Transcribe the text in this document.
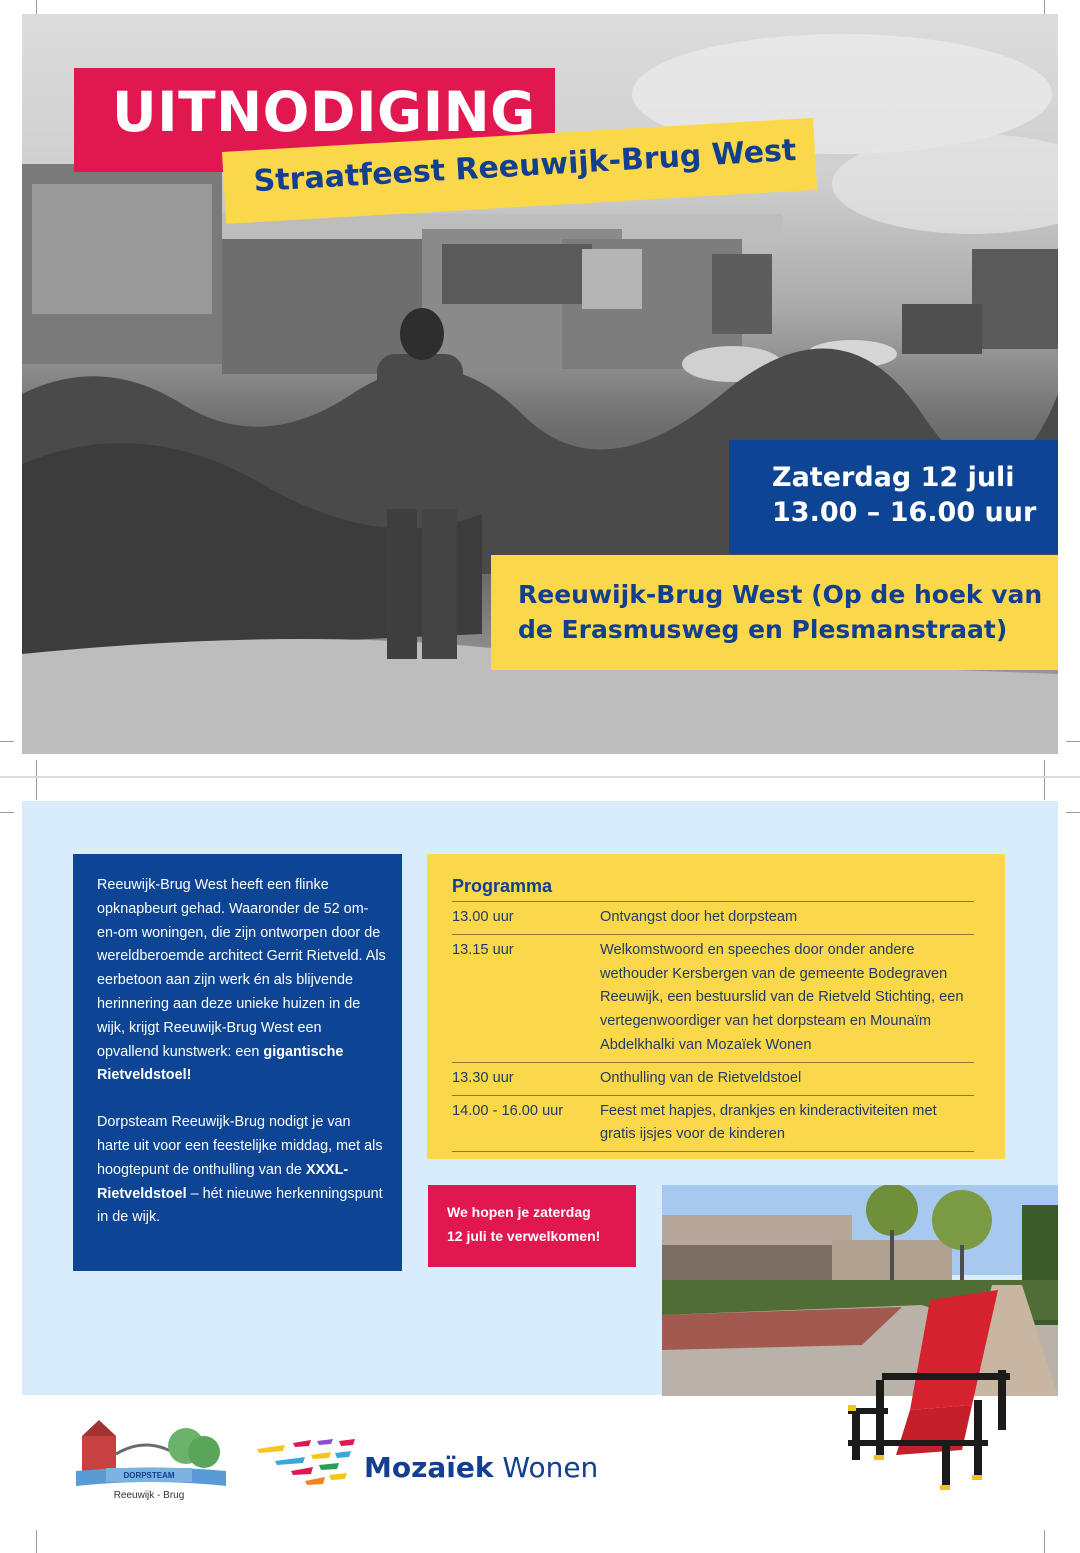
UITNODIGING
Straatfeest Reeuwijk-Brug West
Zaterdag 12 juli
13.00 – 16.00 uur
Reeuwijk-Brug West (Op de hoek van
de Erasmusweg en Plesmanstraat)

Reeuwijk-Brug West heeft een flinke opknapbeurt gehad. Waaronder de 52 om-en-om woningen, die zijn ontworpen door de wereldberoemde architect Gerrit Rietveld. Als eerbetoon aan zijn werk én als blijvende herinnering aan deze unieke huizen in de wijk, krijgt Reeuwijk-Brug West een opvallend kunstwerk: een gigantische Rietveldstoel!

Dorpsteam Reeuwijk-Brug nodigt je van harte uit voor een feestelijke middag, met als hoogtepunt de onthulling van de XXXL- Rietveldstoel – hét nieuwe herkenningspunt in de wijk.

Programma
13.00 uur	Ontvangst door het dorpsteam
13.15 uur	Welkomstwoord en speeches door onder andere wethouder Kersbergen van de gemeente Bodegraven Reeuwijk, een bestuurslid van de Rietveld Stichting, een vertegenwoordiger van het dorpsteam en Mounaïm Abdelkhalki van Mozaïek Wonen
13.30 uur	Onthulling van de Rietveldstoel
14.00 - 16.00 uur	Feest met hapjes, drankjes en kinderactiviteiten met gratis ijsjes voor de kinderen
We hopen je zaterdag
12 juli te verwelkomen!
DORPSTEAM
Reeuwijk - Brug
Mozaïek Wonen
